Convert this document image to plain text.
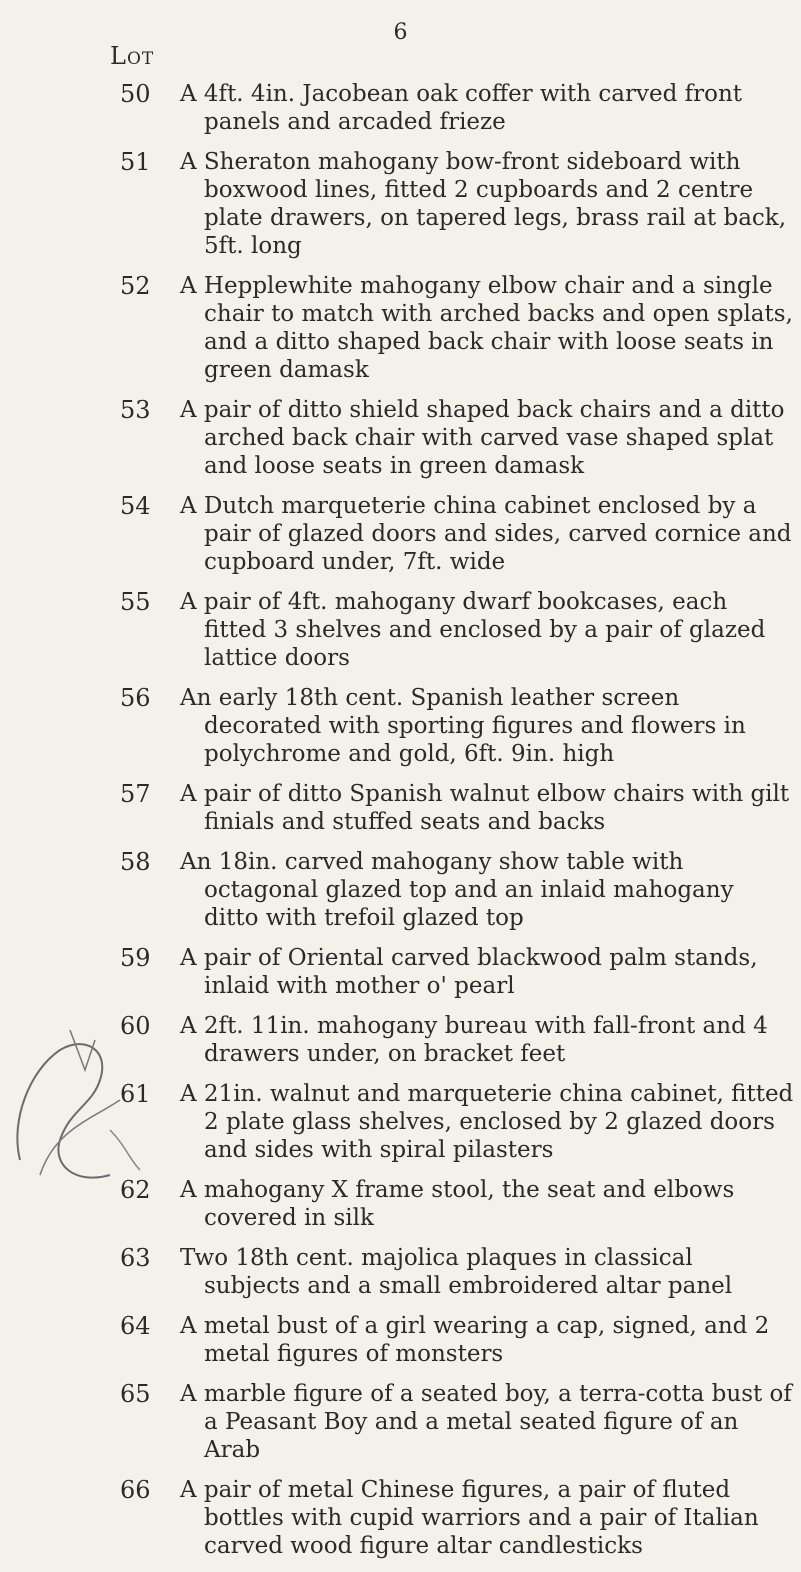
6
Lot
50	A 4ft. 4in. Jacobean oak coffer with carved front panels and arcaded frieze
51	A Sheraton mahogany bow-front sideboard with boxwood lines, fitted 2 cupboards and 2 centre plate drawers, on tapered legs, brass rail at back, 5ft. long
52	A Hepplewhite mahogany elbow chair and a single chair to match with arched backs and open splats, and a ditto shaped back chair with loose seats in green damask
53	A pair of ditto shield shaped back chairs and a ditto arched back chair with carved vase shaped splat and loose seats in green damask
54	A Dutch marqueterie china cabinet enclosed by a pair of glazed doors and sides, carved cornice and cupboard under, 7ft. wide
55	A pair of 4ft. mahogany dwarf bookcases, each fitted 3 shelves and enclosed by a pair of glazed lattice doors
56	An early 18th cent. Spanish leather screen decorated with sporting figures and flowers in polychrome and gold, 6ft. 9in. high
57	A pair of ditto Spanish walnut elbow chairs with gilt finials and stuffed seats and backs
58	An 18in. carved mahogany show table with octagonal glazed top and an inlaid mahogany ditto with trefoil glazed top
59	A pair of Oriental carved blackwood palm stands, inlaid with mother o' pearl
60	A 2ft. 11in. mahogany bureau with fall-front and 4 drawers under, on bracket feet
61	A 21in. walnut and marqueterie china cabinet, fitted 2 plate glass shelves, enclosed by 2 glazed doors and sides with spiral pilasters
62	A mahogany X frame stool, the seat and elbows covered in silk
63	Two 18th cent. majolica plaques in classical subjects and a small embroidered altar panel
64	A metal bust of a girl wearing a cap, signed, and 2 metal figures of monsters
65	A marble figure of a seated boy, a terra-cotta bust of a Peasant Boy and a metal seated figure of an Arab
66	A pair of metal Chinese figures, a pair of fluted bottles with cupid warriors and a pair of Italian carved wood figure altar candlesticks
